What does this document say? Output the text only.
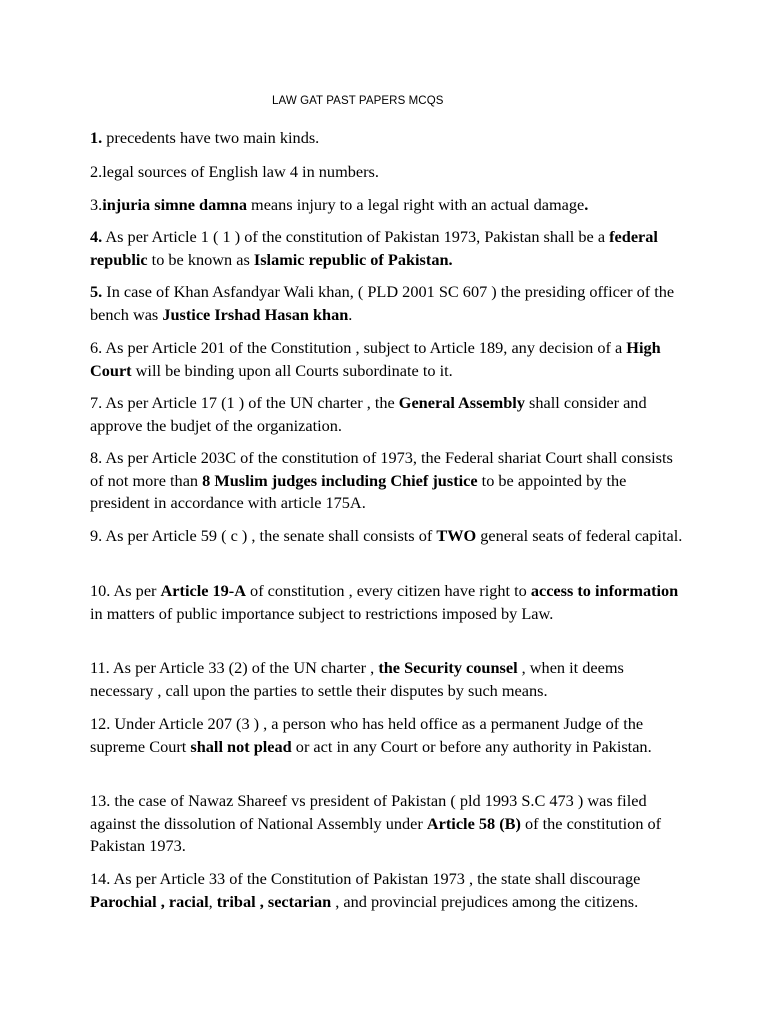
LAW GAT PAST PAPERS MCQS

1. precedents have two main kinds.

2.legal sources of English law 4 in numbers.

3.injuria simne damna means injury to a legal right with an actual damage.

4. As per Article 1 ( 1 ) of the constitution of Pakistan 1973, Pakistan shall be a federal republic to be known as Islamic republic of Pakistan.

5. In case of Khan Asfandyar Wali khan, ( PLD 2001 SC 607 ) the presiding officer of the bench was Justice Irshad Hasan khan.

6. As per Article 201 of the Constitution , subject to Article 189, any decision of a High Court will be binding upon all Courts subordinate to it.

7. As per Article 17 (1 ) of the UN charter , the General Assembly shall consider and approve the budjet of the organization.

8. As per Article 203C of the constitution of 1973, the Federal shariat Court shall consists of not more than 8 Muslim judges including Chief justice to be appointed by the president in accordance with article 175A.

9. As per Article 59 ( c ) , the senate shall consists of TWO general seats of federal capital.

10. As per Article 19-A of constitution , every citizen have right to access to information in matters of public importance subject to restrictions imposed by Law.

11. As per Article 33 (2) of the UN charter , the Security counsel , when it deems necessary , call upon the parties to settle their disputes by such means.

12. Under Article 207 (3 ) , a person who has held office as a permanent Judge of the supreme Court shall not plead or act in any Court or before any authority in Pakistan.

13. the case of Nawaz Shareef vs president of Pakistan ( pld 1993 S.C 473 ) was filed against the dissolution of National Assembly under Article 58 (B) of the constitution of Pakistan 1973.

14. As per Article 33 of the Constitution of Pakistan 1973 , the state shall discourage Parochial , racial, tribal , sectarian , and provincial prejudices among the citizens.
